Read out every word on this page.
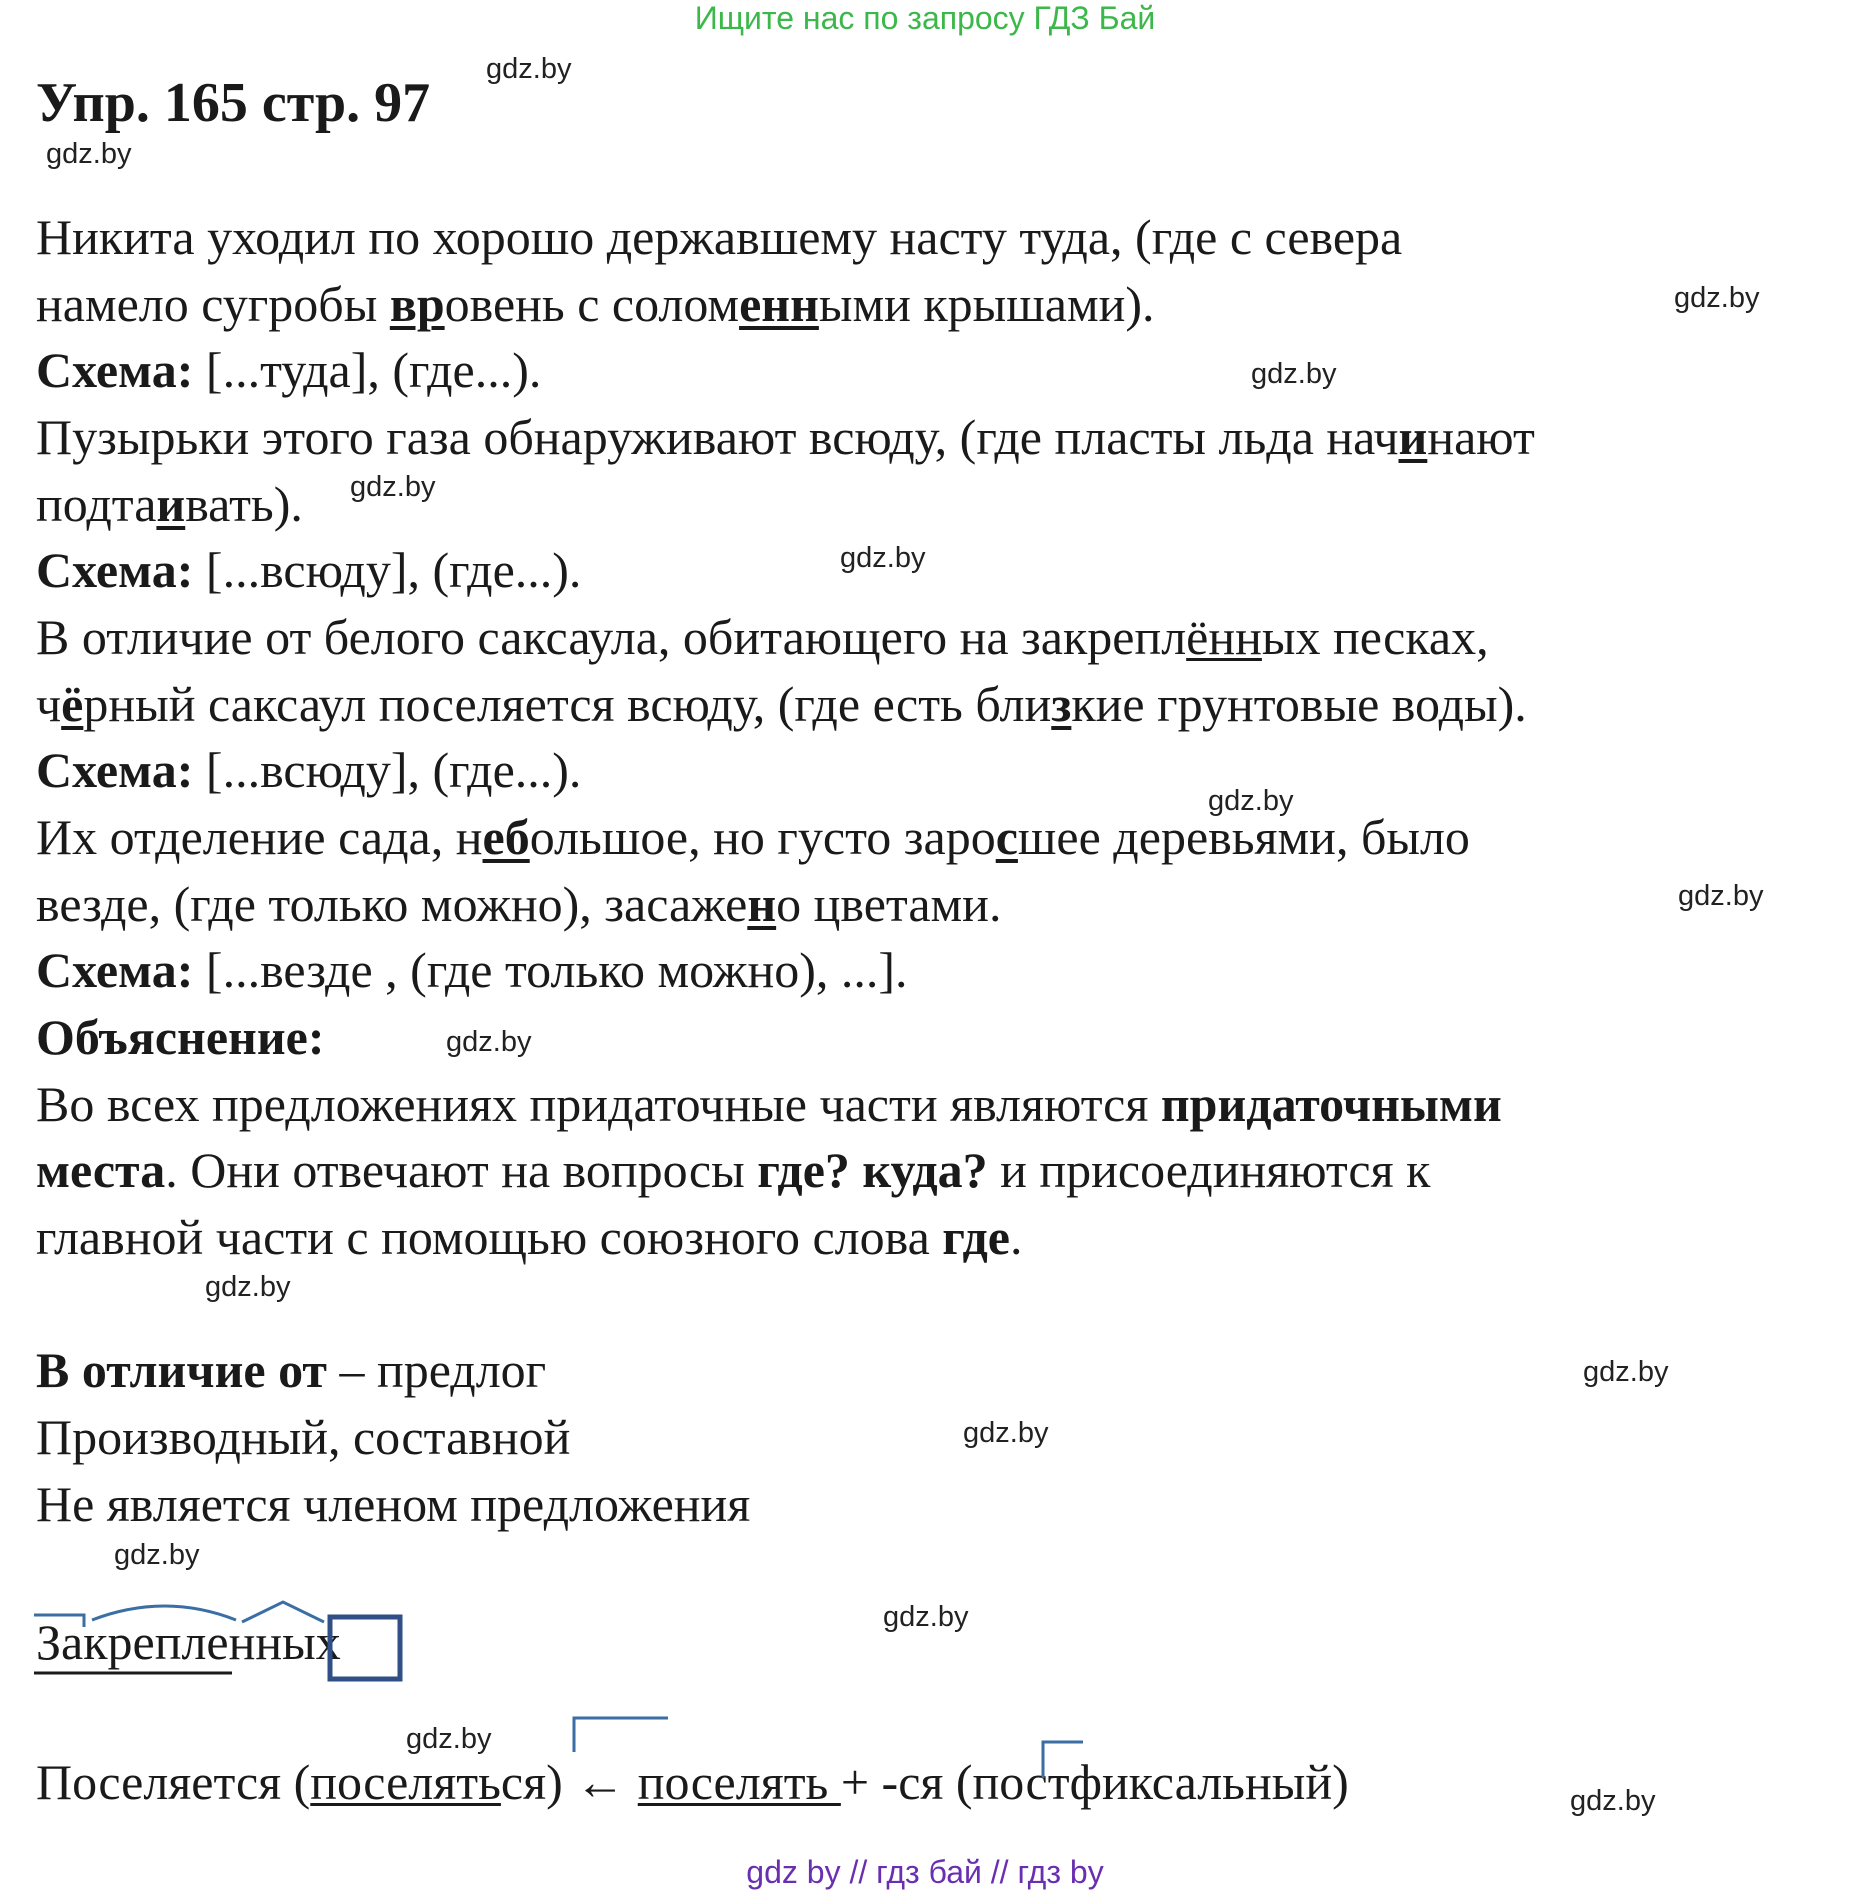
Ищите нас по запросу ГДЗ Бай
Упр. 165 стр. 97
gdz.by
gdz.by
gdz.by
gdz.by
gdz.by
gdz.by
gdz.by
gdz.by
gdz.by
gdz.by
gdz.by
gdz.by
gdz.by
gdz.by
gdz.by
gdz.by
Никита уходил по хорошо державшему насту туда, (где с севера
намело сугробы вровень с соломенными крышами).
Схема: [...туда], (где...).
Пузырьки этого газа обнаруживают всюду, (где пласты льда начинают
подтаивать).
Схема: [...всюду], (где...).
В отличие от белого саксаула, обитающего на закреплённых песках,
чёрный саксаул поселяется всюду, (где есть близкие грунтовые воды).
Схема: [...всюду], (где...).
Их отделение сада, небольшое, но густо заросшее деревьями, было
везде, (где только можно), засажено цветами.
Схема: [...везде , (где только можно), ...].
Объяснение:
Во всех предложениях придаточные части являются придаточными
места. Они отвечают на вопросы где? куда? и присоединяются к
главной части с помощью союзного слова где.
В отличие от – предлог
Производный, составной
Не является членом предложения
Закрепленных
Поселяется (поселяться) ← поселять + -ся (постфиксальный)
gdz by // гдз бай // гдз by
